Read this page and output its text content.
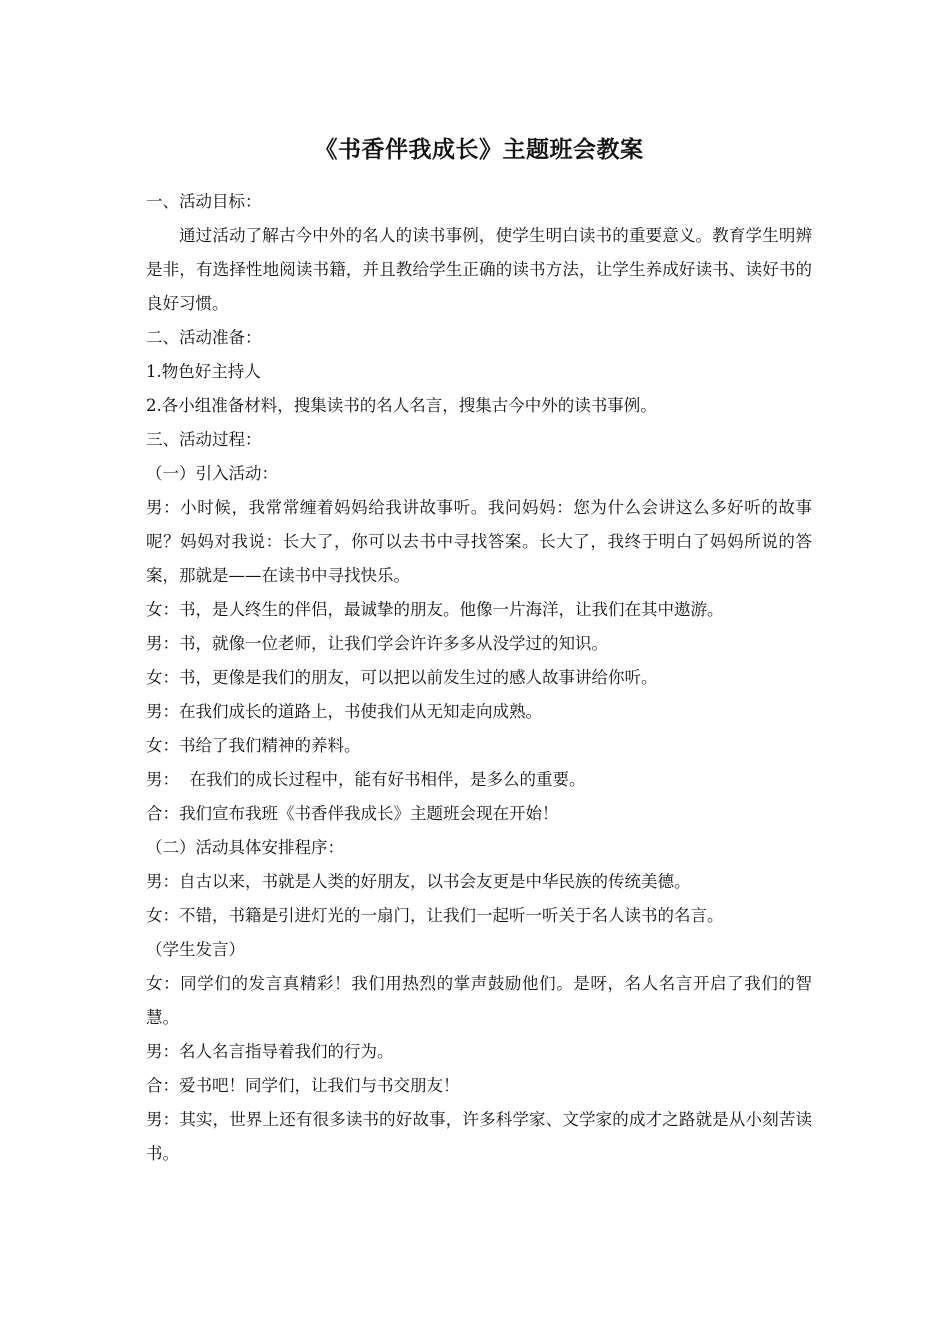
《书香伴我成长》主题班会教案

一、活动目标：

通过活动了解古今中外的名人的读书事例，使学生明白读书的重要意义。教育学生明辨是非，有选择性地阅读书籍，并且教给学生正确的读书方法，让学生养成好读书、读好书的良好习惯。

二、活动准备：

1.物色好主持人

2.各小组准备材料，搜集读书的名人名言，搜集古今中外的读书事例。

三、活动过程：

（一）引入活动：

男：小时候，我常常缠着妈妈给我讲故事听。我问妈妈：您为什么会讲这么多好听的故事呢？妈妈对我说：长大了，你可以去书中寻找答案。长大了，我终于明白了妈妈所说的答案，那就是——在读书中寻找快乐。

女：书，是人终生的伴侣，最诚挚的朋友。他像一片海洋，让我们在其中遨游。

男：书，就像一位老师，让我们学会许许多多从没学过的知识。

女：书，更像是我们的朋友，可以把以前发生过的感人故事讲给你听。

男：在我们成长的道路上，书使我们从无知走向成熟。

女：书给了我们精神的养料。

男：  在我们的成长过程中，能有好书相伴，是多么的重要。

合：我们宣布我班《书香伴我成长》主题班会现在开始！

（二）活动具体安排程序：

男：自古以来，书就是人类的好朋友，以书会友更是中华民族的传统美德。

女：不错，书籍是引进灯光的一扇门，让我们一起听一听关于名人读书的名言。

（学生发言）

女：同学们的发言真精彩！我们用热烈的掌声鼓励他们。是呀，名人名言开启了我们的智慧。

男：名人名言指导着我们的行为。

合：爱书吧！同学们，让我们与书交朋友！

男：其实，世界上还有很多读书的好故事，许多科学家、文学家的成才之路就是从小刻苦读书。
